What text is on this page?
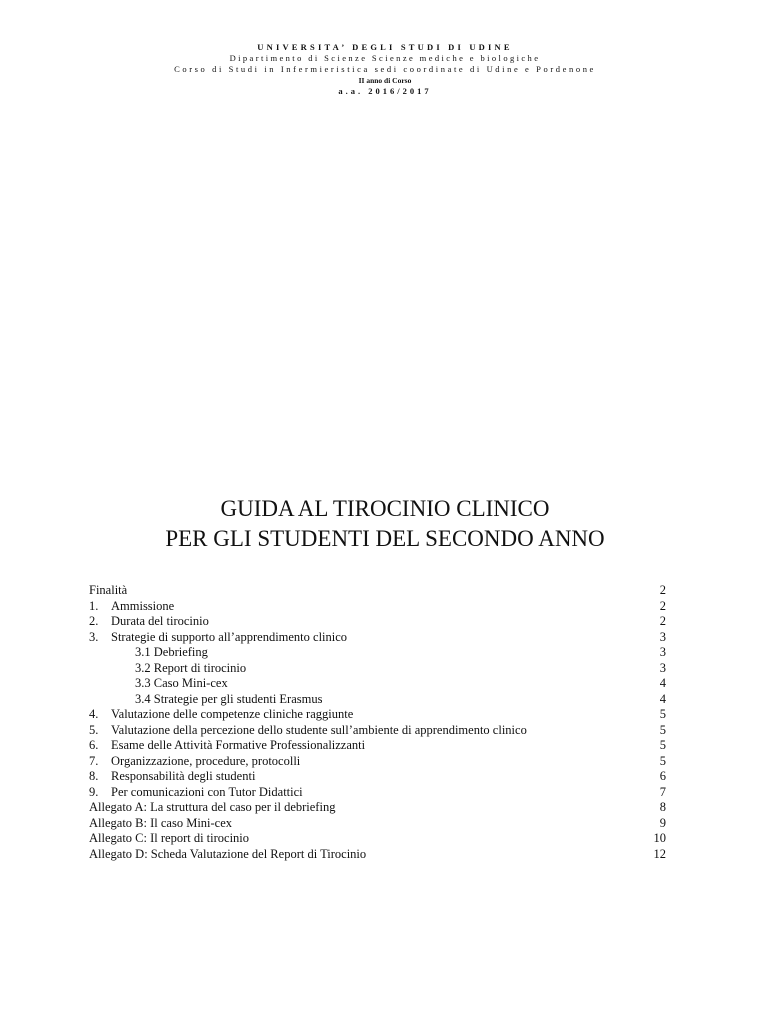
UNIVERSITA’ DEGLI STUDI DI UDINE
Dipartimento di Scienze Scienze mediche e biologiche
Corso di Studi in Infermieristica sedi coordinate di Udine e Pordenone
II anno di Corso
a.a. 2016/2017
GUIDA AL TIROCINIO CLINICO
PER GLI STUDENTI DEL SECONDO ANNO
Finalità	2
1. Ammissione	2
2. Durata del tirocinio	2
3. Strategie di supporto all’apprendimento clinico	3
3.1 Debriefing	3
3.2 Report di tirocinio	3
3.3 Caso Mini-cex	4
3.4 Strategie per gli studenti Erasmus	4
4. Valutazione delle competenze cliniche raggiunte	5
5. Valutazione della percezione dello studente sull’ambiente di apprendimento clinico	5
6. Esame delle Attività Formative Professionalizzanti	5
7. Organizzazione, procedure, protocolli	5
8. Responsabilità degli studenti	6
9. Per comunicazioni con Tutor Didattici	7
Allegato A: La struttura del caso per il debriefing	8
Allegato B: Il caso Mini-cex	9
Allegato C: Il report di tirocinio	10
Allegato D: Scheda Valutazione del Report di Tirocinio	12
